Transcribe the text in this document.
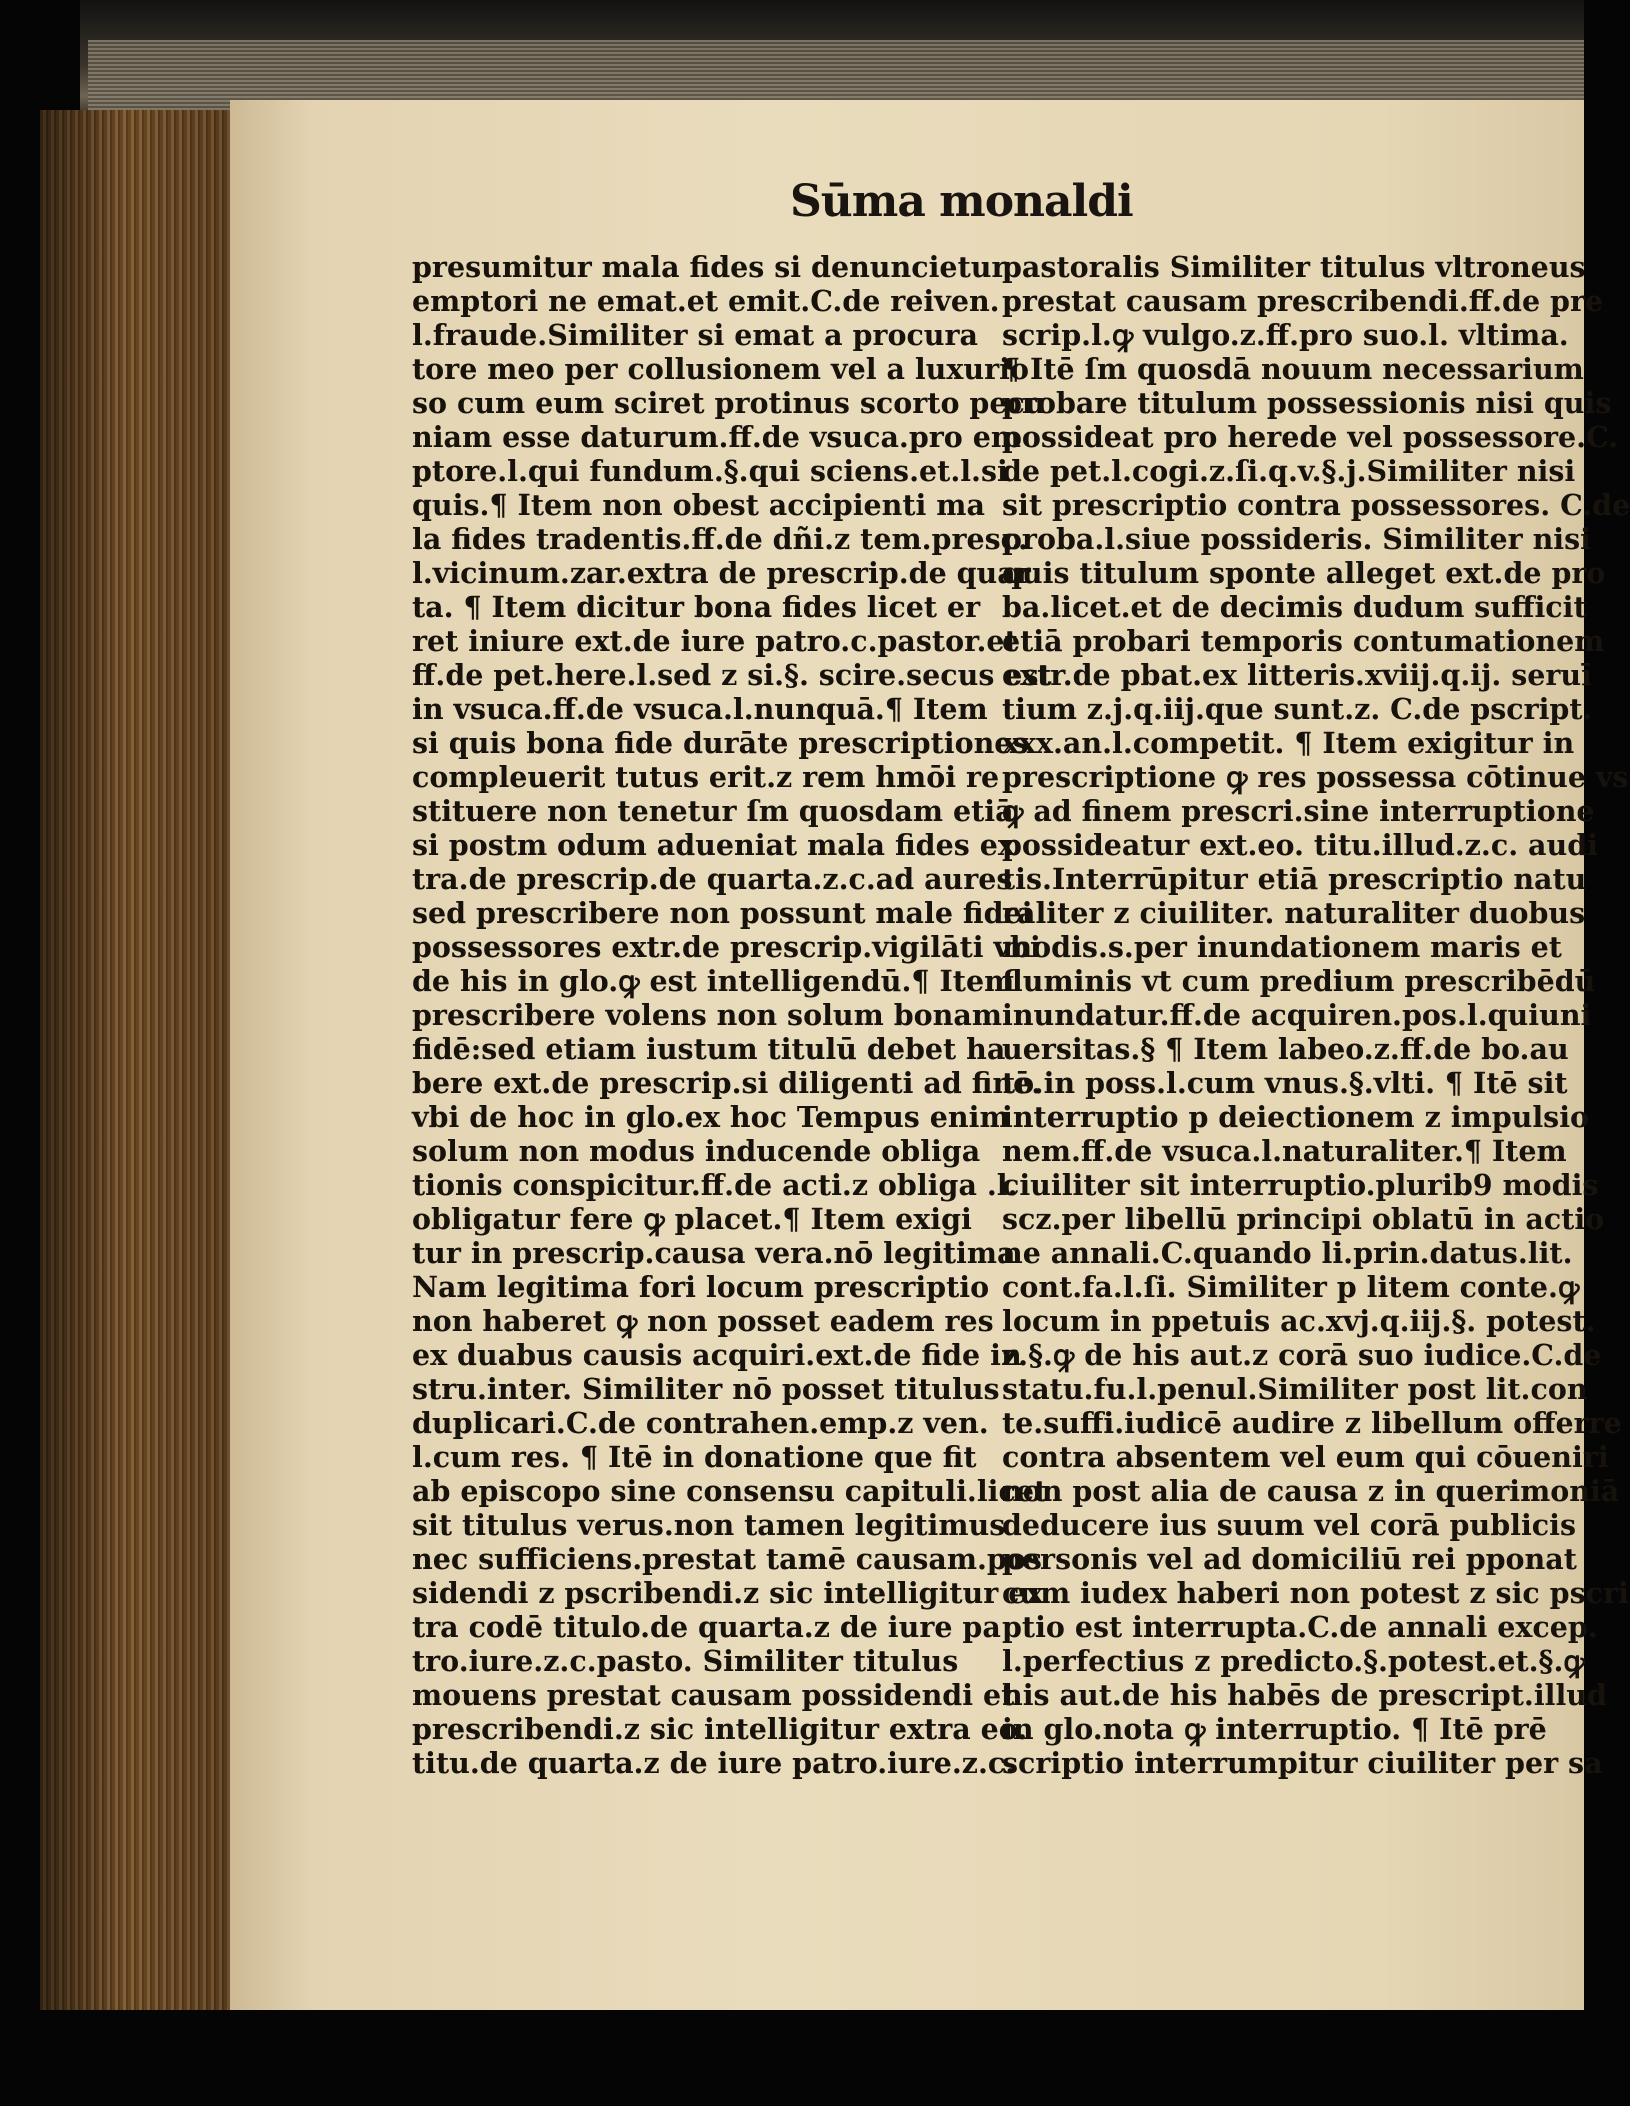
Sūma monaldi
presumitur mala fides si denuncietur
emptori ne emat.et emit.C.de reiven.
l.fraude.Similiter si emat a procura
tore meo per collusionem vel a luxurio
so cum eum sciret protinus scorto pecu
niam esse daturum.ff.de vsuca.pro em
ptore.l.qui fundum.§.qui sciens.et.l.si
quis.¶ Item non obest accipienti ma
la fides tradentis.ff.de dñi.z tem.presc.
l.vicinum.zar.extra de prescrip.de quar
ta. ¶ Item dicitur bona fides licet er
ret iniure ext.de iure patro.c.pastor.et
ff.de pet.here.l.sed z si.§. scire.secus est
in vsuca.ff.de vsuca.l.nunquā.¶ Item
si quis bona fide durāte prescriptiones
compleuerit tutus erit.z rem hmōi re
stituere non tenetur ſm quosdam etiā
si postm odum adueniat mala fides ex
tra.de prescrip.de quarta.z.c.ad aures
sed prescribere non possunt male fidei
possessores extr.de prescrip.vigilāti vbi
de his in glo.ꝙ est intelligendū.¶ Item
prescribere volens non solum bonam
fidē:sed etiam iustum titulū debet ha
bere ext.de prescrip.si diligenti ad finē.
vbi de hoc in glo.ex hoc Tempus enim
solum non modus inducende obliga
tionis conspicitur.ff.de acti.z obliga .l.
obligatur fere ꝙ placet.¶ Item exigi
tur in prescrip.causa vera.nō legitima
Nam legitima fori locum prescriptio
non haberet ꝙ non posset eadem res
ex duabus causis acquiri.ext.de fide in
stru.inter. Similiter nō posset titulus
duplicari.C.de contrahen.emp.z ven.
l.cum res. ¶ Itē in donatione que fit
ab episcopo sine consensu capituli.licet
sit titulus verus.non tamen legitimus
nec sufficiens.prestat tamē causam.pos
sidendi z pscribendi.z sic intelligitur ex
tra codē titulo.de quarta.z de iure pa
tro.iure.z.c.pasto. Similiter titulus
mouens prestat causam possidendi et
prescribendi.z sic intelligitur extra eo.
titu.de quarta.z de iure patro.iure.z.c.
pastoralis Similiter titulus vltroneus
prestat causam prescribendi.ff.de pre
scrip.l.ꝙ vulgo.z.ff.pro suo.l. vltima.
¶ Itē ſm quosdā nouum necessarium
probare titulum possessionis nisi quis
possideat pro herede vel possessore.C.
de pet.l.cogi.z.ſi.q.v.§.j.Similiter nisi
sit prescriptio contra possessores. C.de
proba.l.siue possideris. Similiter nisi
quis titulum sponte alleget ext.de pro
ba.licet.et de decimis dudum sufficit
etiā probari temporis contumationem
extr.de pbat.ex litteris.xviij.q.ij. seruī
tium z.j.q.iij.que sunt.z. C.de pscript.
xxx.an.l.competit. ¶ Item exigitur in
prescriptione ꝙ res possessa cōtinue vs
ꝙ ad finem prescri.sine interruptione
possideatur ext.eo. titu.illud.z.c. audi
tis.Interrūpitur etiā prescriptio natu
raliter z ciuiliter. naturaliter duobus
modis.s.per inundationem maris et
fluminis vt cum predium prescribēdū
inundatur.ff.de acquiren.pos.l.quiuni
uersitas.§ ¶ Item labeo.z.ff.de bo.au
to.in poss.l.cum vnus.§.vlti. ¶ Itē sit
interruptio p deiectionem z impulsio
nem.ff.de vsuca.l.naturaliter.¶ Item
ciuiliter sit interruptio.plurib9 modis
scz.per libellū principi oblatū in actio
ne annali.C.quando li.prin.datus.lit.
cont.fa.l.ſi. Similiter p litem conte.ꝙ
locum in ppetuis ac.xvj.q.iij.§. potest.
z.§.ꝙ de his aut.z corā suo iudice.C.de
statu.fu.l.penul.Similiter post lit.con
te.suffi.iudicē audire z libellum offerre
contra absentem vel eum qui cōueniri
non post alia de causa z in querimoniā
deducere ius suum vel corā publicis
personis vel ad domiciliū rei pponat
cum iudex haberi non potest z sic pscri
ptio est interrupta.C.de annali excep.
l.perfectius z predicto.§.potest.et.§.ꝙ
his aut.de his habēs de prescript.illud
in glo.nota ꝙ interruptio. ¶ Itē prē
scriptio interrumpitur ciuiliter per sa
